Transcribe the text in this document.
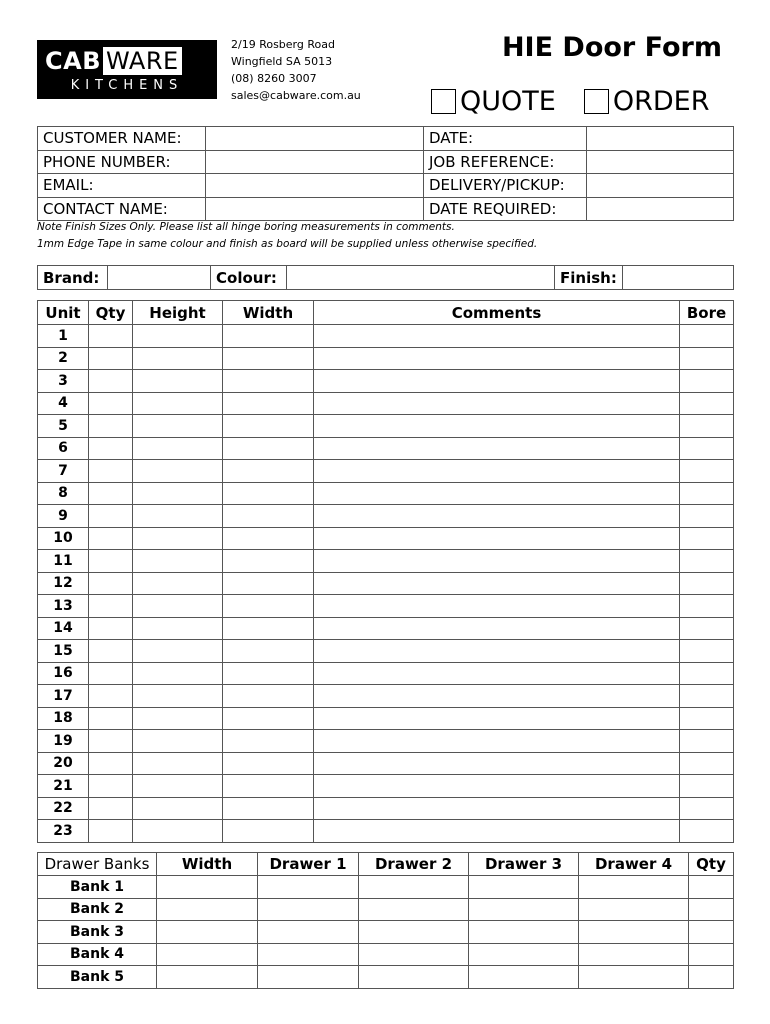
CAB WARE
KITCHENS
2/19 Rosberg Road
Wingfield SA 5013
(08) 8260 3007
sales@cabware.com.au
HIE Door Form
QUOTE ORDER
CUSTOMER NAME:		DATE:	
PHONE NUMBER:		JOB REFERENCE:	
EMAIL:		DELIVERY/PICKUP:	
CONTACT NAME:		DATE REQUIRED:	
Note Finish Sizes Only. Please list all hinge boring measurements in comments.
1mm Edge Tape in same colour and finish as board will be supplied unless otherwise specified.
Brand:		Colour:		Finish:	
Unit	Qty	Height	Width	Comments	Bore
1					
2					
3					
4					
5					
6					
7					
8					
9					
10					
11					
12					
13					
14					
15					
16					
17					
18					
19					
20					
21					
22					
23					
Drawer Banks	Width	Drawer 1	Drawer 2	Drawer 3	Drawer 4	Qty
Bank 1						
Bank 2						
Bank 3						
Bank 4						
Bank 5						
